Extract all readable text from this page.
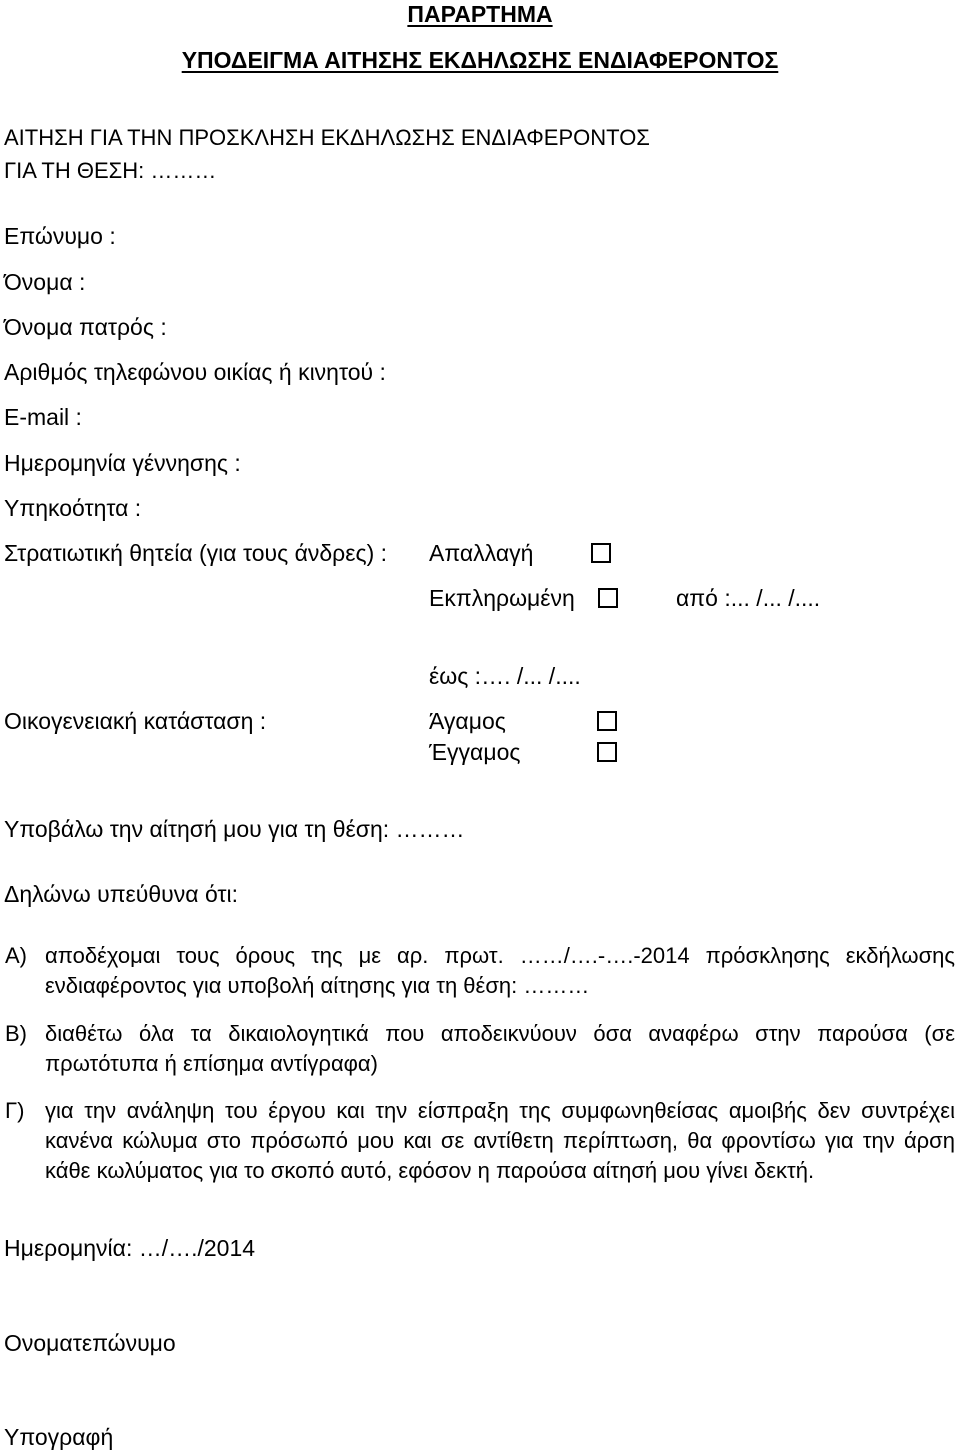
ΠΑΡΑΡΤΗΜΑ
ΥΠΟΔΕΙΓΜΑ ΑΙΤΗΣΗΣ ΕΚΔΗΛΩΣΗΣ ΕΝΔΙΑΦΕΡΟΝΤΟΣ
ΑΙΤΗΣΗ ΓΙΑ ΤΗΝ ΠΡΟΣΚΛΗΣΗ ΕΚΔΗΛΩΣΗΣ ΕΝΔΙΑΦΕΡΟΝΤΟΣ
ΓΙΑ ΤΗ ΘΕΣΗ: ………
Επώνυμο :
Όνομα :
Όνομα πατρός :
Αριθμός τηλεφώνου οικίας ή κινητού :
E-mail :
Ημερομηνία γέννησης :
Υπηκοότητα :
Στρατιωτική θητεία (για τους άνδρες) : Απαλλαγή
Εκπληρωμένη	από :... /... /....
έως :…. /... /....
Οικογενειακή κατάσταση :	Άγαμος
Έγγαμος
Υποβάλω την αίτησή μου για τη θέση: ………
Δηλώνω υπεύθυνα ότι:
Α) αποδέχομαι τους όρους της με αρ. πρωτ. ……/….-….-2014 πρόσκλησης εκδήλωσης ενδιαφέροντος για υποβολή αίτησης για τη θέση: ………
Β) διαθέτω όλα τα δικαιολογητικά που αποδεικνύουν όσα αναφέρω στην παρούσα (σε πρωτότυπα ή επίσημα αντίγραφα)
Γ) για την ανάληψη του έργου και την είσπραξη της συμφωνηθείσας αμοιβής δεν συντρέχει κανένα κώλυμα στο πρόσωπό μου και σε αντίθετη περίπτωση, θα φροντίσω για την άρση κάθε κωλύματος για το σκοπό αυτό, εφόσον η παρούσα αίτησή μου γίνει δεκτή.
Ημερομηνία: …/…./2014
Ονοματεπώνυμο
Υπογραφή
